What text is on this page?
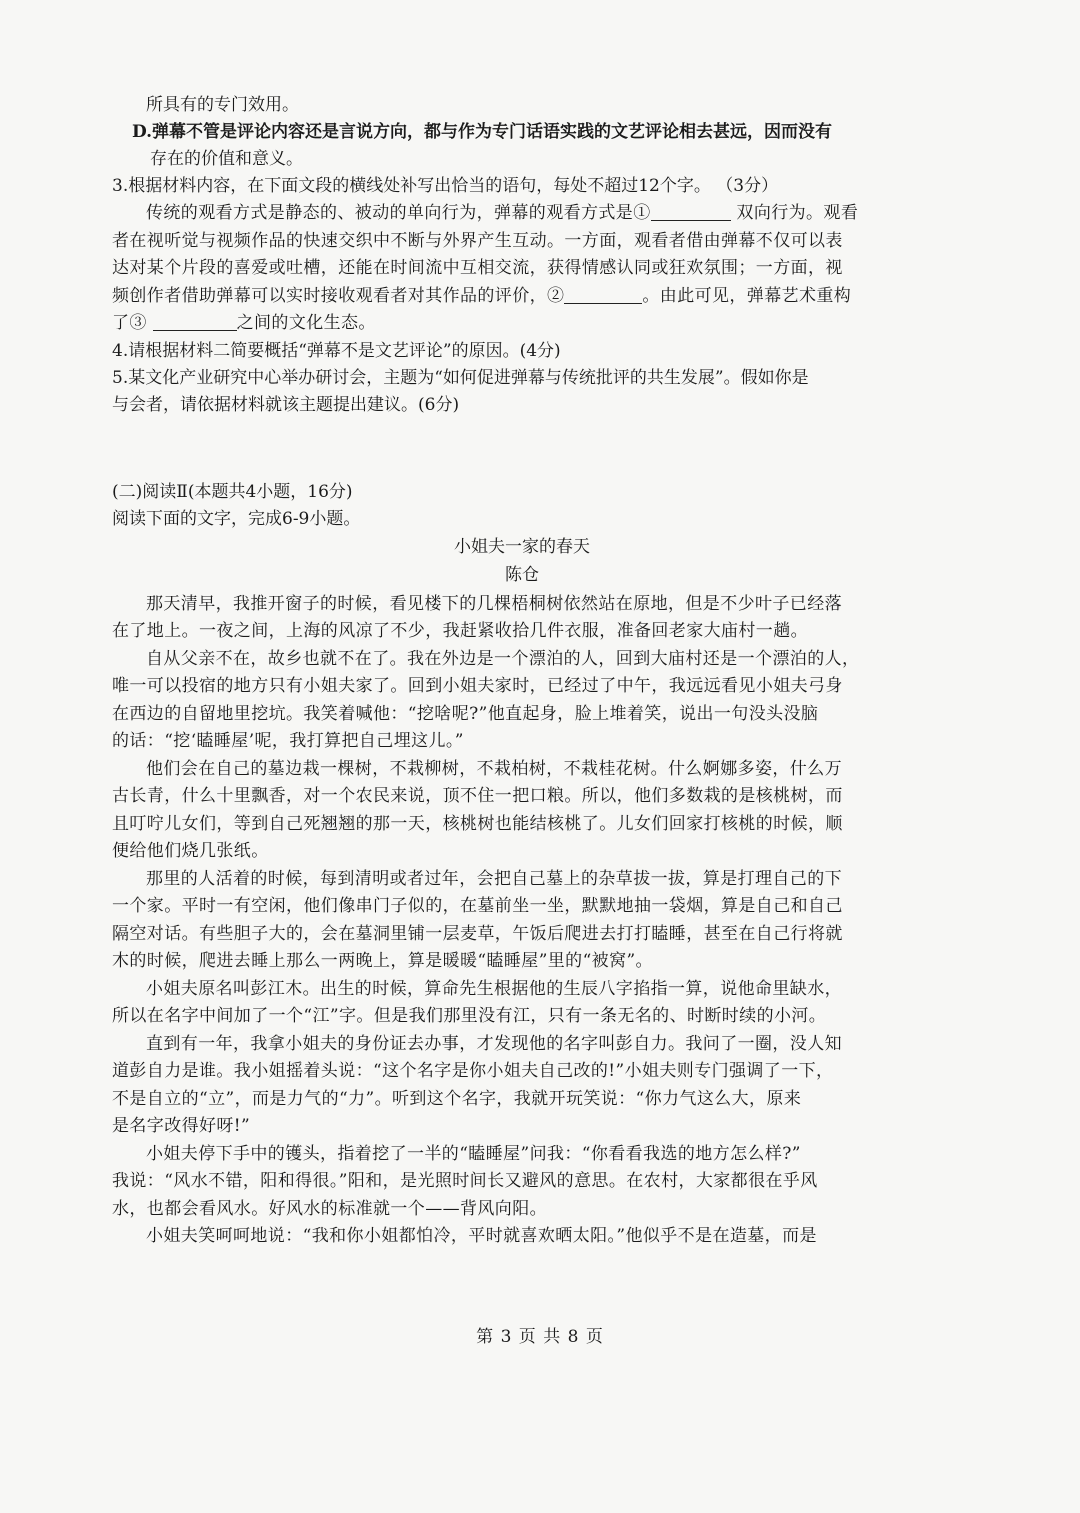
所具有的专门效用。
D.弹幕不管是评论内容还是言说方向，都与作为专门话语实践的文艺评论相去甚远，因而没有
存在的价值和意义。
3.根据材料内容，在下面文段的横线处补写出恰当的语句，每处不超过12个字。 （3分）
传统的观看方式是静态的、被动的单向行为，弹幕的观看方式是①	双向行为。观看
者在视听觉与视频作品的快速交织中不断与外界产生互动。一方面，观看者借由弹幕不仅可以表
达对某个片段的喜爱或吐槽，还能在时间流中互相交流，获得情感认同或狂欢氛围；一方面，视
频创作者借助弹幕可以实时接收观看者对其作品的评价，②	。由此可见，弹幕艺术重构
了③	之间的文化生态。
4.请根据材料二简要概括“弹幕不是文艺评论”的原因。(4分)
5.某文化产业研究中心举办研讨会，主题为“如何促进弹幕与传统批评的共生发展”。假如你是
与会者，请依据材料就该主题提出建议。(6分)
(二)阅读Ⅱ(本题共4小题，16分)
阅读下面的文字，完成6-9小题。
小姐夫一家的春天
陈仓
那天清早，我推开窗子的时候，看见楼下的几棵梧桐树依然站在原地，但是不少叶子已经落
在了地上。一夜之间，上海的风凉了不少，我赶紧收拾几件衣服，准备回老家大庙村一趟。
自从父亲不在，故乡也就不在了。我在外边是一个漂泊的人，回到大庙村还是一个漂泊的人，
唯一可以投宿的地方只有小姐夫家了。回到小姐夫家时，已经过了中午，我远远看见小姐夫弓身
在西边的自留地里挖坑。我笑着喊他：“挖啥呢?”他直起身，脸上堆着笑，说出一句没头没脑
的话：“挖‘瞌睡屋’呢，我打算把自己埋这儿。”
他们会在自己的墓边栽一棵树，不栽柳树，不栽柏树，不栽桂花树。什么婀娜多姿，什么万
古长青，什么十里飘香，对一个农民来说，顶不住一把口粮。所以，他们多数栽的是核桃树，而
且叮咛儿女们，等到自己死翘翘的那一天，核桃树也能结核桃了。儿女们回家打核桃的时候，顺
便给他们烧几张纸。
那里的人活着的时候，每到清明或者过年，会把自己墓上的杂草拔一拔，算是打理自己的下
一个家。平时一有空闲，他们像串门子似的，在墓前坐一坐，默默地抽一袋烟，算是自己和自己
隔空对话。有些胆子大的，会在墓洞里铺一层麦草，午饭后爬进去打打瞌睡，甚至在自己行将就
木的时候，爬进去睡上那么一两晚上，算是暖暖“瞌睡屋”里的“被窝”。
小姐夫原名叫彭江木。出生的时候，算命先生根据他的生辰八字掐指一算，说他命里缺水，
所以在名字中间加了一个“江”字。但是我们那里没有江，只有一条无名的、时断时续的小河。
直到有一年，我拿小姐夫的身份证去办事，才发现他的名字叫彭自力。我问了一圈，没人知
道彭自力是谁。我小姐摇着头说：“这个名字是你小姐夫自己改的!”小姐夫则专门强调了一下，
不是自立的“立”，而是力气的“力”。听到这个名字，我就开玩笑说：“你力气这么大，原来
是名字改得好呀!”
小姐夫停下手中的镬头，指着挖了一半的“瞌睡屋”问我：“你看看我选的地方怎么样?”
我说：“风水不错，阳和得很。”阳和，是光照时间长又避风的意思。在农村，大家都很在乎风
水，也都会看风水。好风水的标准就一个——背风向阳。
小姐夫笑呵呵地说：“我和你小姐都怕冷，平时就喜欢晒太阳。”他似乎不是在造墓，而是
第 3 页 共 8 页
